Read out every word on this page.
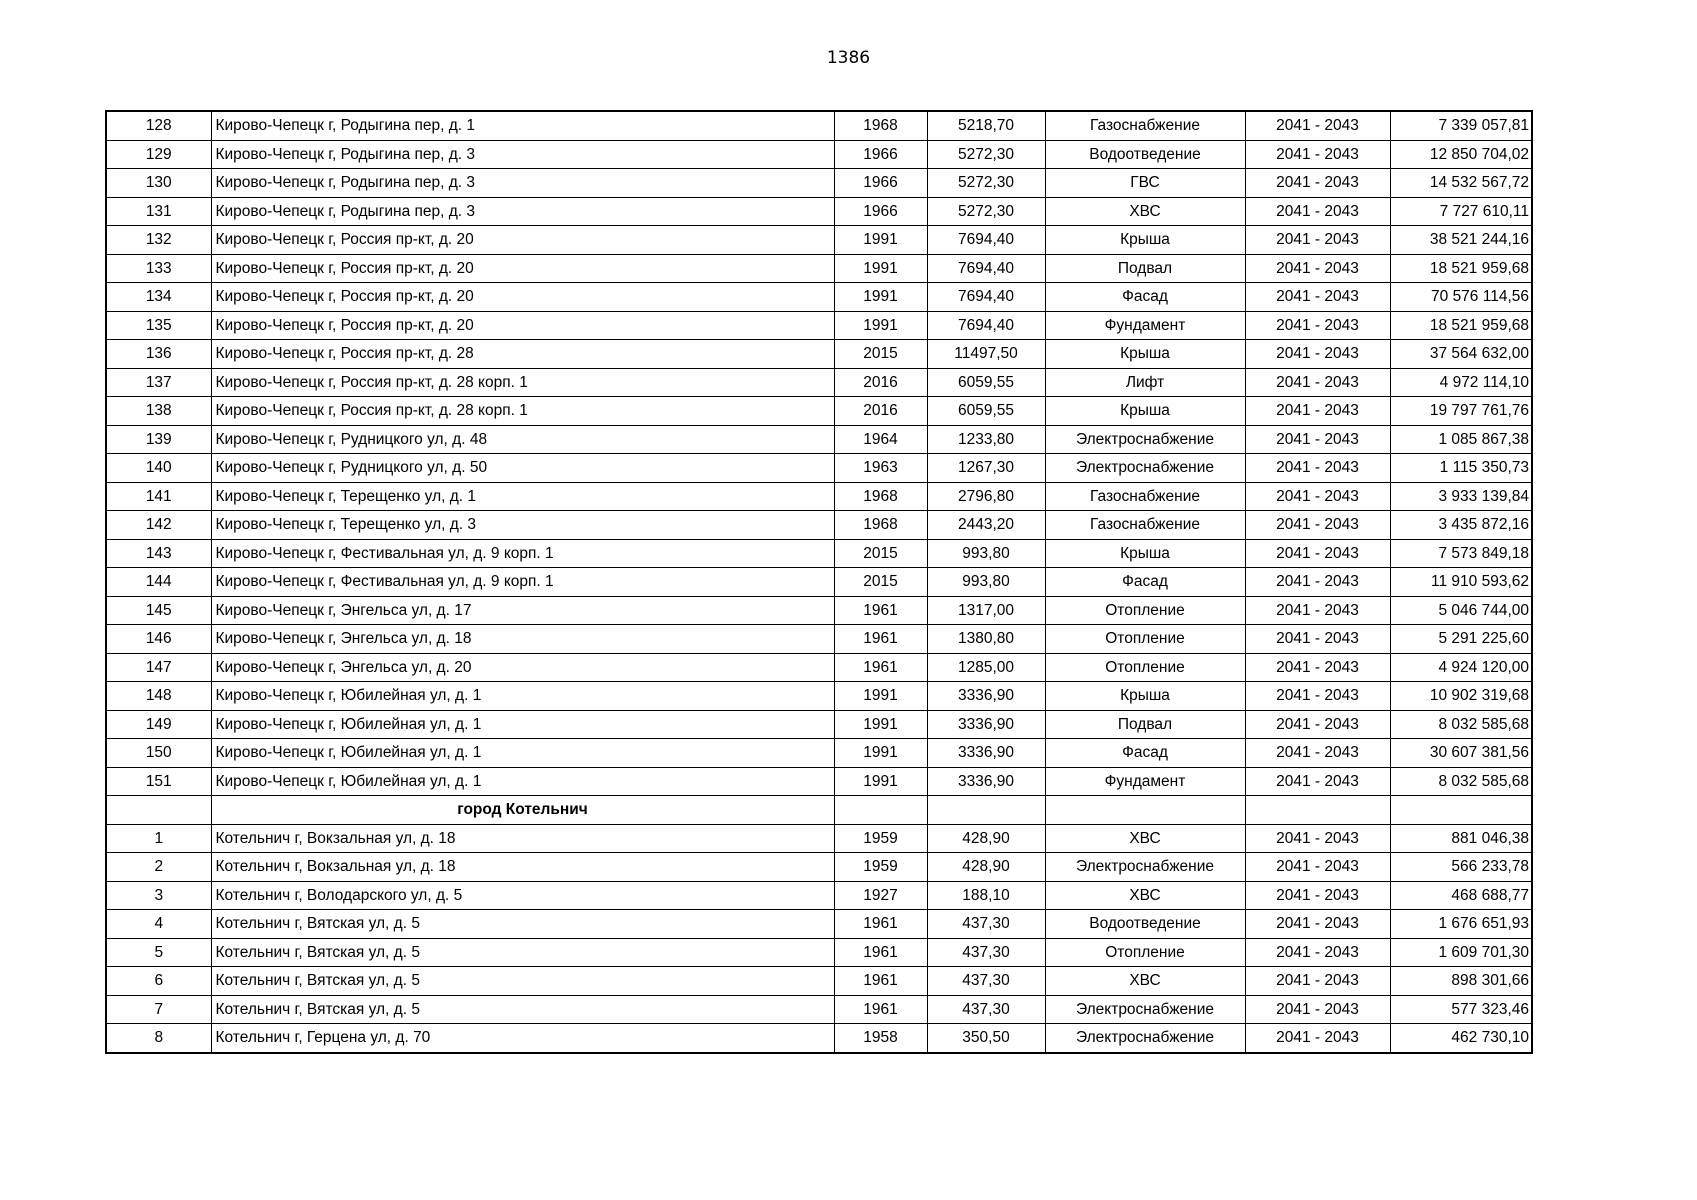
1386
128	Кирово-Чепецк г, Родыгина пер, д. 1	1968	5218,70	Газоснабжение	2041 - 2043	7 339 057,81
129	Кирово-Чепецк г, Родыгина пер, д. 3	1966	5272,30	Водоотведение	2041 - 2043	12 850 704,02
130	Кирово-Чепецк г, Родыгина пер, д. 3	1966	5272,30	ГВС	2041 - 2043	14 532 567,72
131	Кирово-Чепецк г, Родыгина пер, д. 3	1966	5272,30	ХВС	2041 - 2043	7 727 610,11
132	Кирово-Чепецк г, Россия пр-кт, д. 20	1991	7694,40	Крыша	2041 - 2043	38 521 244,16
133	Кирово-Чепецк г, Россия пр-кт, д. 20	1991	7694,40	Подвал	2041 - 2043	18 521 959,68
134	Кирово-Чепецк г, Россия пр-кт, д. 20	1991	7694,40	Фасад	2041 - 2043	70 576 114,56
135	Кирово-Чепецк г, Россия пр-кт, д. 20	1991	7694,40	Фундамент	2041 - 2043	18 521 959,68
136	Кирово-Чепецк г, Россия пр-кт, д. 28	2015	11497,50	Крыша	2041 - 2043	37 564 632,00
137	Кирово-Чепецк г, Россия пр-кт, д. 28 корп. 1	2016	6059,55	Лифт	2041 - 2043	4 972 114,10
138	Кирово-Чепецк г, Россия пр-кт, д. 28 корп. 1	2016	6059,55	Крыша	2041 - 2043	19 797 761,76
139	Кирово-Чепецк г, Рудницкого ул, д. 48	1964	1233,80	Электроснабжение	2041 - 2043	1 085 867,38
140	Кирово-Чепецк г, Рудницкого ул, д. 50	1963	1267,30	Электроснабжение	2041 - 2043	1 115 350,73
141	Кирово-Чепецк г, Терещенко ул, д. 1	1968	2796,80	Газоснабжение	2041 - 2043	3 933 139,84
142	Кирово-Чепецк г, Терещенко ул, д. 3	1968	2443,20	Газоснабжение	2041 - 2043	3 435 872,16
143	Кирово-Чепецк г, Фестивальная ул, д. 9 корп. 1	2015	993,80	Крыша	2041 - 2043	7 573 849,18
144	Кирово-Чепецк г, Фестивальная ул, д. 9 корп. 1	2015	993,80	Фасад	2041 - 2043	11 910 593,62
145	Кирово-Чепецк г, Энгельса ул, д. 17	1961	1317,00	Отопление	2041 - 2043	5 046 744,00
146	Кирово-Чепецк г, Энгельса ул, д. 18	1961	1380,80	Отопление	2041 - 2043	5 291 225,60
147	Кирово-Чепецк г, Энгельса ул, д. 20	1961	1285,00	Отопление	2041 - 2043	4 924 120,00
148	Кирово-Чепецк г, Юбилейная ул, д. 1	1991	3336,90	Крыша	2041 - 2043	10 902 319,68
149	Кирово-Чепецк г, Юбилейная ул, д. 1	1991	3336,90	Подвал	2041 - 2043	8 032 585,68
150	Кирово-Чепецк г, Юбилейная ул, д. 1	1991	3336,90	Фасад	2041 - 2043	30 607 381,56
151	Кирово-Чепецк г, Юбилейная ул, д. 1	1991	3336,90	Фундамент	2041 - 2043	8 032 585,68
	город Котельнич					
1	Котельнич г, Вокзальная ул, д. 18	1959	428,90	ХВС	2041 - 2043	881 046,38
2	Котельнич г, Вокзальная ул, д. 18	1959	428,90	Электроснабжение	2041 - 2043	566 233,78
3	Котельнич г, Володарского ул, д. 5	1927	188,10	ХВС	2041 - 2043	468 688,77
4	Котельнич г, Вятская ул, д. 5	1961	437,30	Водоотведение	2041 - 2043	1 676 651,93
5	Котельнич г, Вятская ул, д. 5	1961	437,30	Отопление	2041 - 2043	1 609 701,30
6	Котельнич г, Вятская ул, д. 5	1961	437,30	ХВС	2041 - 2043	898 301,66
7	Котельнич г, Вятская ул, д. 5	1961	437,30	Электроснабжение	2041 - 2043	577 323,46
8	Котельнич г, Герцена ул, д. 70	1958	350,50	Электроснабжение	2041 - 2043	462 730,10
